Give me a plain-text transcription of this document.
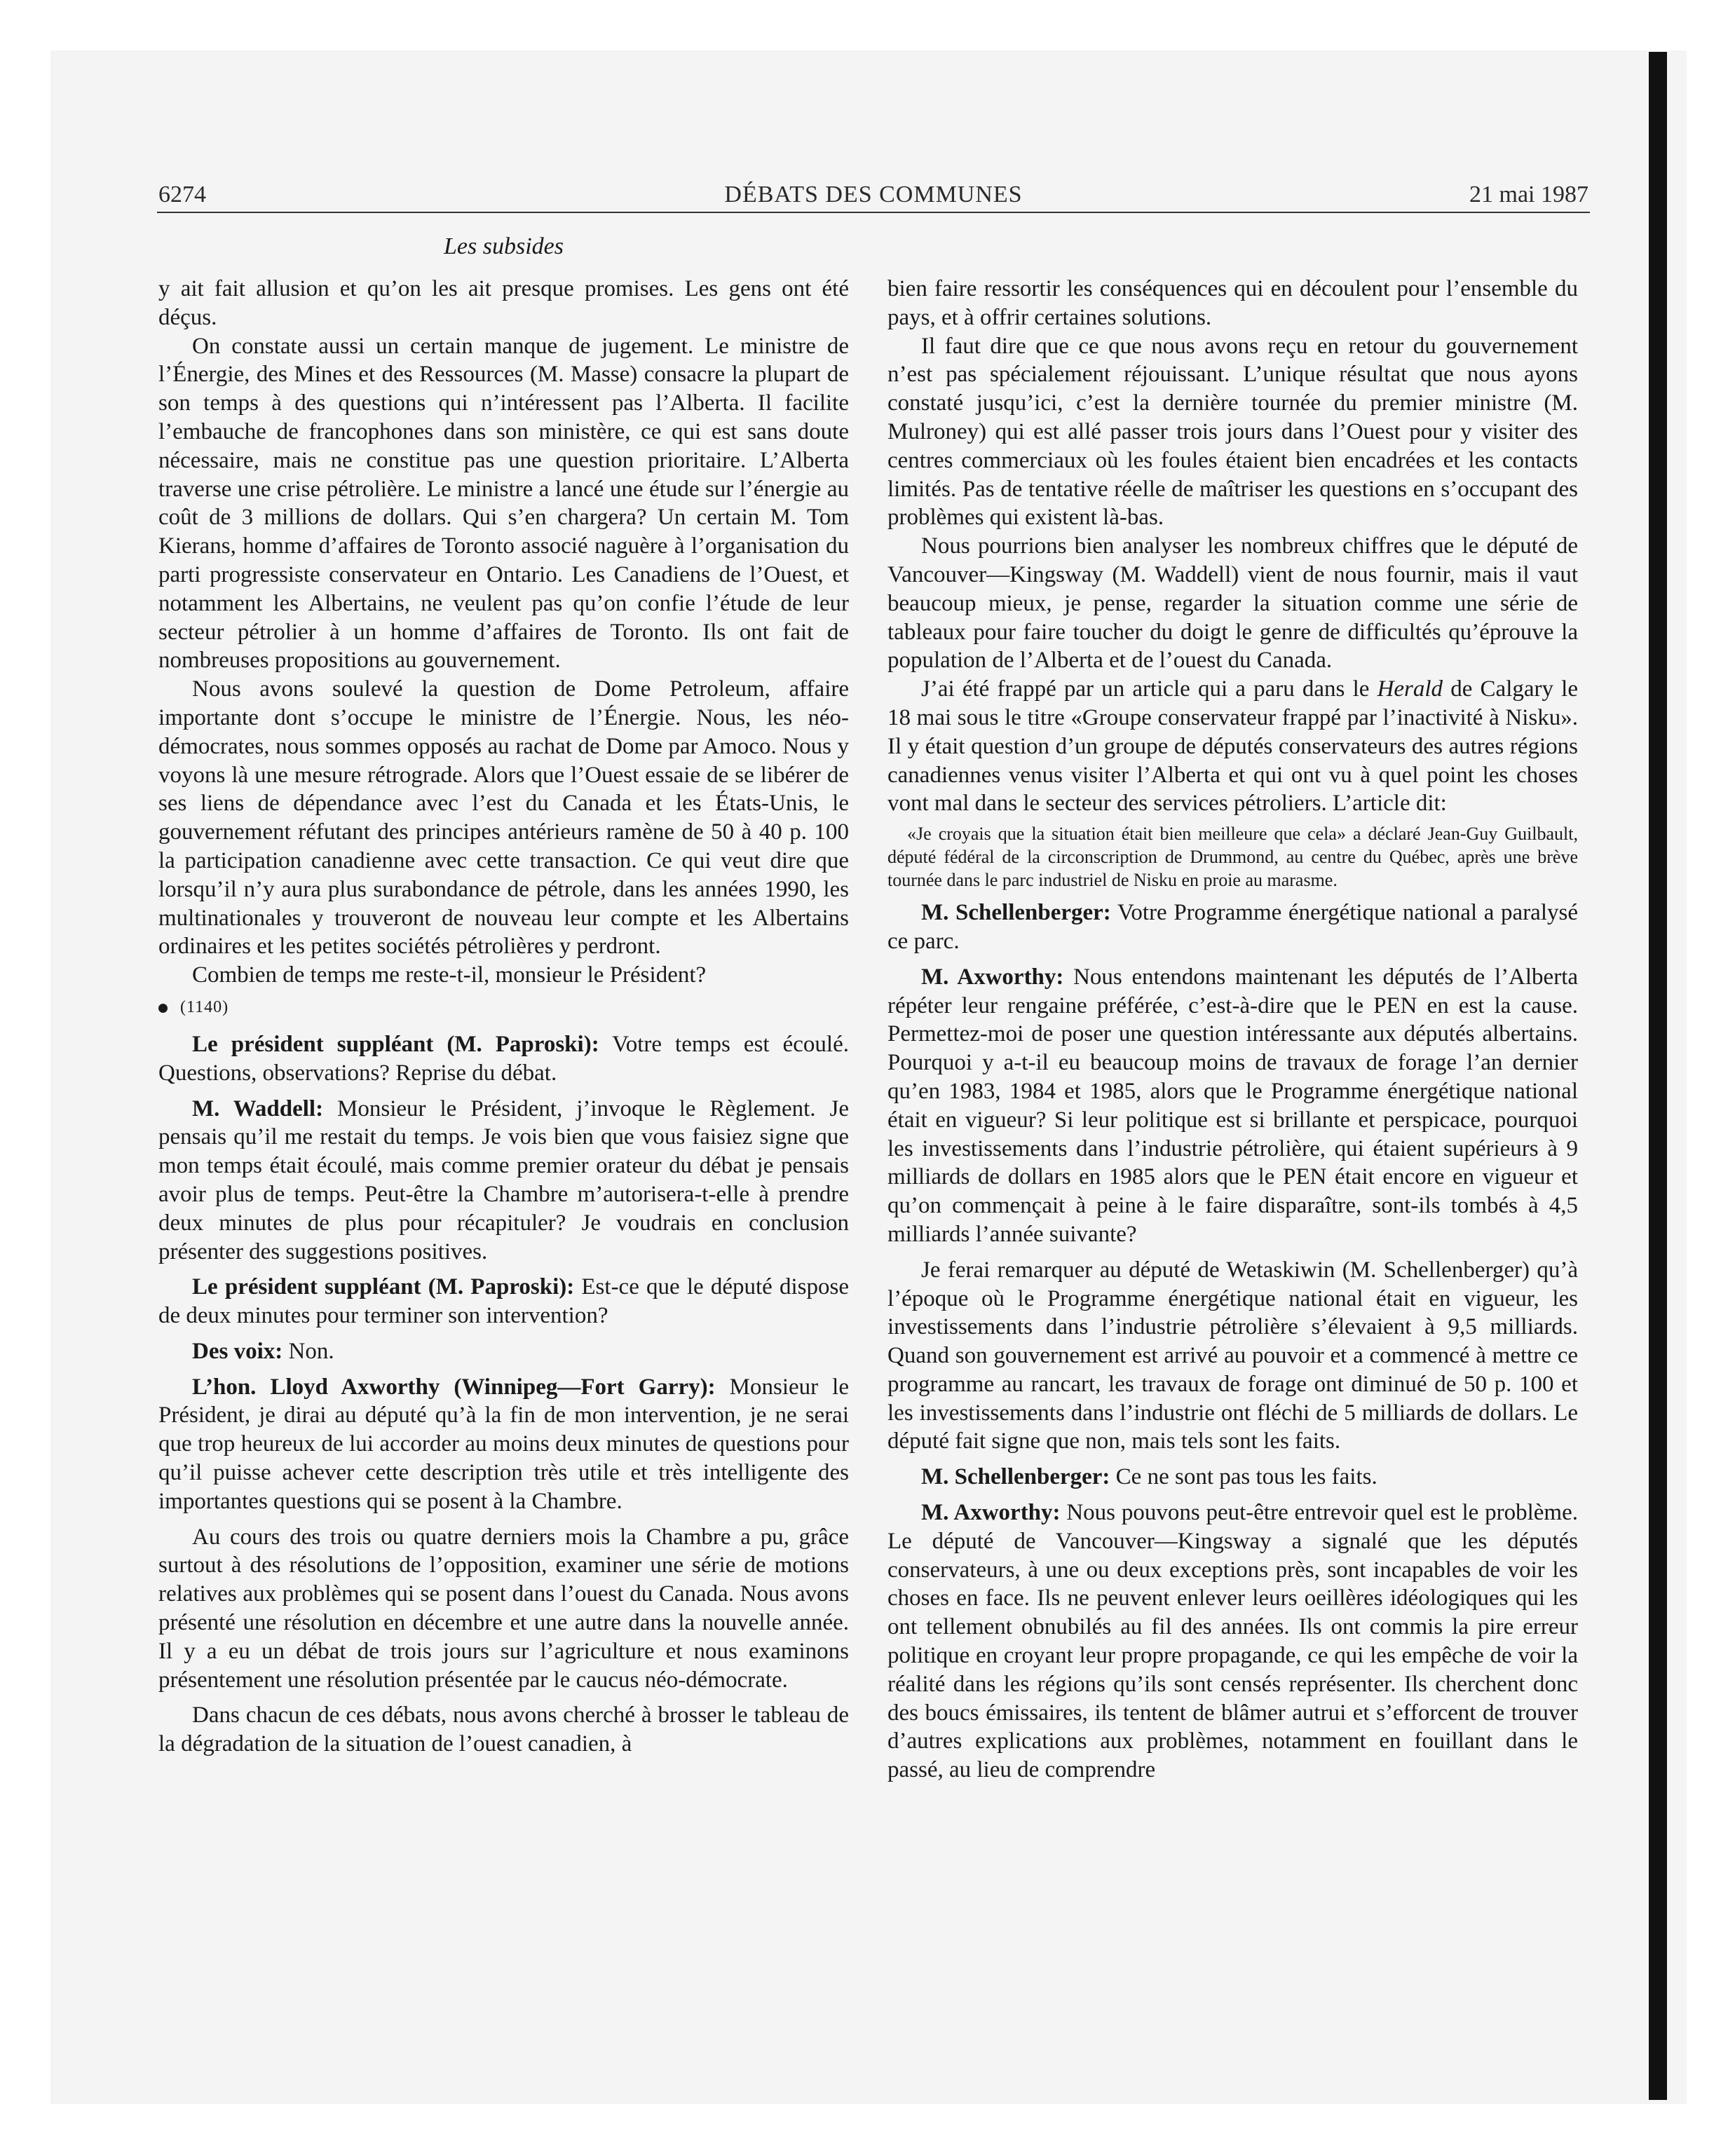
6274	DÉBATS DES COMMUNES	21 mai 1987
Les subsides

y ait fait allusion et qu’on les ait presque promises. Les gens ont été déçus.

On constate aussi un certain manque de jugement. Le ministre de l’Énergie, des Mines et des Ressources (M. Masse) consacre la plupart de son temps à des questions qui n’intéressent pas l’Alberta. Il facilite l’embauche de francophones dans son ministère, ce qui est sans doute nécessaire, mais ne constitue pas une question prioritaire. L’Alberta traverse une crise pétrolière. Le ministre a lancé une étude sur l’énergie au coût de 3 millions de dollars. Qui s’en chargera? Un certain M. Tom Kierans, homme d’affaires de Toronto associé naguère à l’organisation du parti progressiste conservateur en Ontario. Les Canadiens de l’Ouest, et notamment les Albertains, ne veulent pas qu’on confie l’étude de leur secteur pétrolier à un homme d’affaires de Toronto. Ils ont fait de nombreuses propositions au gouvernement.

Nous avons soulevé la question de Dome Petroleum, affaire importante dont s’occupe le ministre de l’Énergie. Nous, les néo-démocrates, nous sommes opposés au rachat de Dome par Amoco. Nous y voyons là une mesure rétrograde. Alors que l’Ouest essaie de se libérer de ses liens de dépendance avec l’est du Canada et les États-Unis, le gouvernement réfutant des principes antérieurs ramène de 50 à 40 p. 100 la participation canadienne avec cette transaction. Ce qui veut dire que lorsqu’il n’y aura plus surabondance de pétrole, dans les années 1990, les multinationales y trouveront de nouveau leur compte et les Albertains ordinaires et les petites sociétés pétrolières y perdront.

Combien de temps me reste-t-il, monsieur le Président?

(1140)

Le président suppléant (M. Paproski): Votre temps est écoulé. Questions, observations? Reprise du débat.

M. Waddell: Monsieur le Président, j’invoque le Règlement. Je pensais qu’il me restait du temps. Je vois bien que vous faisiez signe que mon temps était écoulé, mais comme premier orateur du débat je pensais avoir plus de temps. Peut-être la Chambre m’autorisera-t-elle à prendre deux minutes de plus pour récapituler? Je voudrais en conclusion présenter des suggestions positives.

Le président suppléant (M. Paproski): Est-ce que le député dispose de deux minutes pour terminer son intervention?

Des voix: Non.

L’hon. Lloyd Axworthy (Winnipeg—Fort Garry): Monsieur le Président, je dirai au député qu’à la fin de mon intervention, je ne serai que trop heureux de lui accorder au moins deux minutes de questions pour qu’il puisse achever cette description très utile et très intelligente des importantes questions qui se posent à la Chambre.

Au cours des trois ou quatre derniers mois la Chambre a pu, grâce surtout à des résolutions de l’opposition, examiner une série de motions relatives aux problèmes qui se posent dans l’ouest du Canada. Nous avons présenté une résolution en décembre et une autre dans la nouvelle année. Il y a eu un débat de trois jours sur l’agriculture et nous examinons présentement une résolution présentée par le caucus néo-démocrate.

Dans chacun de ces débats, nous avons cherché à brosser le tableau de la dégradation de la situation de l’ouest canadien, à

bien faire ressortir les conséquences qui en découlent pour l’ensemble du pays, et à offrir certaines solutions.

Il faut dire que ce que nous avons reçu en retour du gouvernement n’est pas spécialement réjouissant. L’unique résultat que nous ayons constaté jusqu’ici, c’est la dernière tournée du premier ministre (M. Mulroney) qui est allé passer trois jours dans l’Ouest pour y visiter des centres commerciaux où les foules étaient bien encadrées et les contacts limités. Pas de tentative réelle de maîtriser les questions en s’occupant des problèmes qui existent là-bas.

Nous pourrions bien analyser les nombreux chiffres que le député de Vancouver—Kingsway (M. Waddell) vient de nous fournir, mais il vaut beaucoup mieux, je pense, regarder la situation comme une série de tableaux pour faire toucher du doigt le genre de difficultés qu’éprouve la population de l’Alberta et de l’ouest du Canada.

J’ai été frappé par un article qui a paru dans le Herald de Calgary le 18 mai sous le titre «Groupe conservateur frappé par l’inactivité à Nisku». Il y était question d’un groupe de députés conservateurs des autres régions canadiennes venus visiter l’Alberta et qui ont vu à quel point les choses vont mal dans le secteur des services pétroliers. L’article dit:

«Je croyais que la situation était bien meilleure que cela» a déclaré Jean-Guy Guilbault, député fédéral de la circonscription de Drummond, au centre du Québec, après une brève tournée dans le parc industriel de Nisku en proie au marasme.

M. Schellenberger: Votre Programme énergétique national a paralysé ce parc.

M. Axworthy: Nous entendons maintenant les députés de l’Alberta répéter leur rengaine préférée, c’est-à-dire que le PEN en est la cause. Permettez-moi de poser une question intéressante aux députés albertains. Pourquoi y a-t-il eu beaucoup moins de travaux de forage l’an dernier qu’en 1983, 1984 et 1985, alors que le Programme énergétique national était en vigueur? Si leur politique est si brillante et perspicace, pourquoi les investissements dans l’industrie pétrolière, qui étaient supérieurs à 9 milliards de dollars en 1985 alors que le PEN était encore en vigueur et qu’on commençait à peine à le faire disparaître, sont-ils tombés à 4,5 milliards l’année suivante?

Je ferai remarquer au député de Wetaskiwin (M. Schellenberger) qu’à l’époque où le Programme énergétique national était en vigueur, les investissements dans l’industrie pétrolière s’élevaient à 9,5 milliards. Quand son gouvernement est arrivé au pouvoir et a commencé à mettre ce programme au rancart, les travaux de forage ont diminué de 50 p. 100 et les investissements dans l’industrie ont fléchi de 5 milliards de dollars. Le député fait signe que non, mais tels sont les faits.

M. Schellenberger: Ce ne sont pas tous les faits.

M. Axworthy: Nous pouvons peut-être entrevoir quel est le problème. Le député de Vancouver—Kingsway a signalé que les députés conservateurs, à une ou deux exceptions près, sont incapables de voir les choses en face. Ils ne peuvent enlever leurs oeillères idéologiques qui les ont tellement obnubilés au fil des années. Ils ont commis la pire erreur politique en croyant leur propre propagande, ce qui les empêche de voir la réalité dans les régions qu’ils sont censés représenter. Ils cherchent donc des boucs émissaires, ils tentent de blâmer autrui et s’efforcent de trouver d’autres explications aux problèmes, notamment en fouillant dans le passé, au lieu de comprendre
